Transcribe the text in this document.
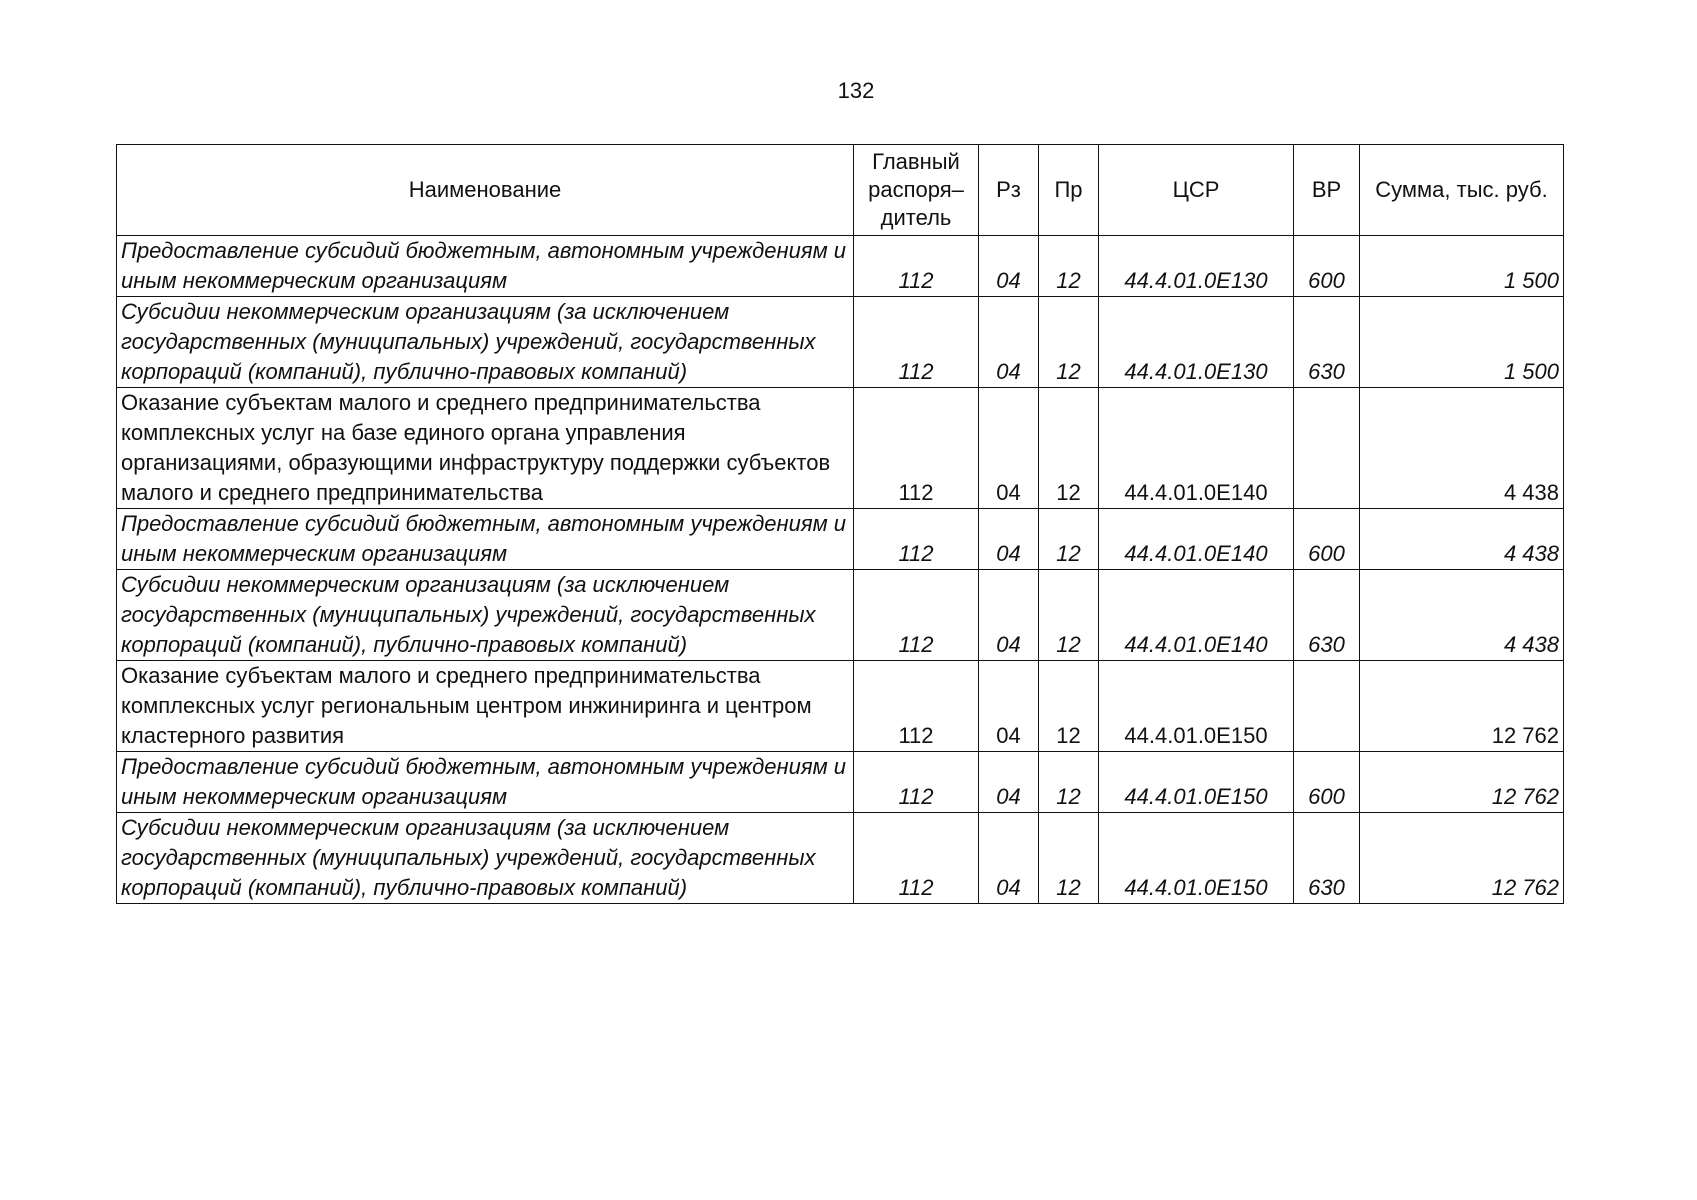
132
Наименование	Главный распоря– дитель	Рз	Пр	ЦСР	ВР	Сумма, тыс. руб.
Предоставление субсидий бюджетным, автономным учреждениям и иным некоммерческим организациям	112	04	12	44.4.01.0Е130	600	1 500
Субсидии некоммерческим организациям (за исключением государственных (муниципальных) учреждений, государственных корпораций (компаний), публично-правовых компаний)	112	04	12	44.4.01.0Е130	630	1 500
Оказание субъектам малого и среднего предпринимательства комплексных услуг на базе единого органа управления организациями, образующими инфраструктуру поддержки субъектов малого и среднего предпринимательства	112	04	12	44.4.01.0Е140		4 438
Предоставление субсидий бюджетным, автономным учреждениям и иным некоммерческим организациям	112	04	12	44.4.01.0Е140	600	4 438
Субсидии некоммерческим организациям (за исключением государственных (муниципальных) учреждений, государственных корпораций (компаний), публично-правовых компаний)	112	04	12	44.4.01.0Е140	630	4 438
Оказание субъектам малого и среднего предпринимательства комплексных услуг региональным центром инжиниринга и центром кластерного развития	112	04	12	44.4.01.0Е150		12 762
Предоставление субсидий бюджетным, автономным учреждениям и иным некоммерческим организациям	112	04	12	44.4.01.0Е150	600	12 762
Субсидии некоммерческим организациям (за исключением государственных (муниципальных) учреждений, государственных корпораций (компаний), публично-правовых компаний)	112	04	12	44.4.01.0Е150	630	12 762
